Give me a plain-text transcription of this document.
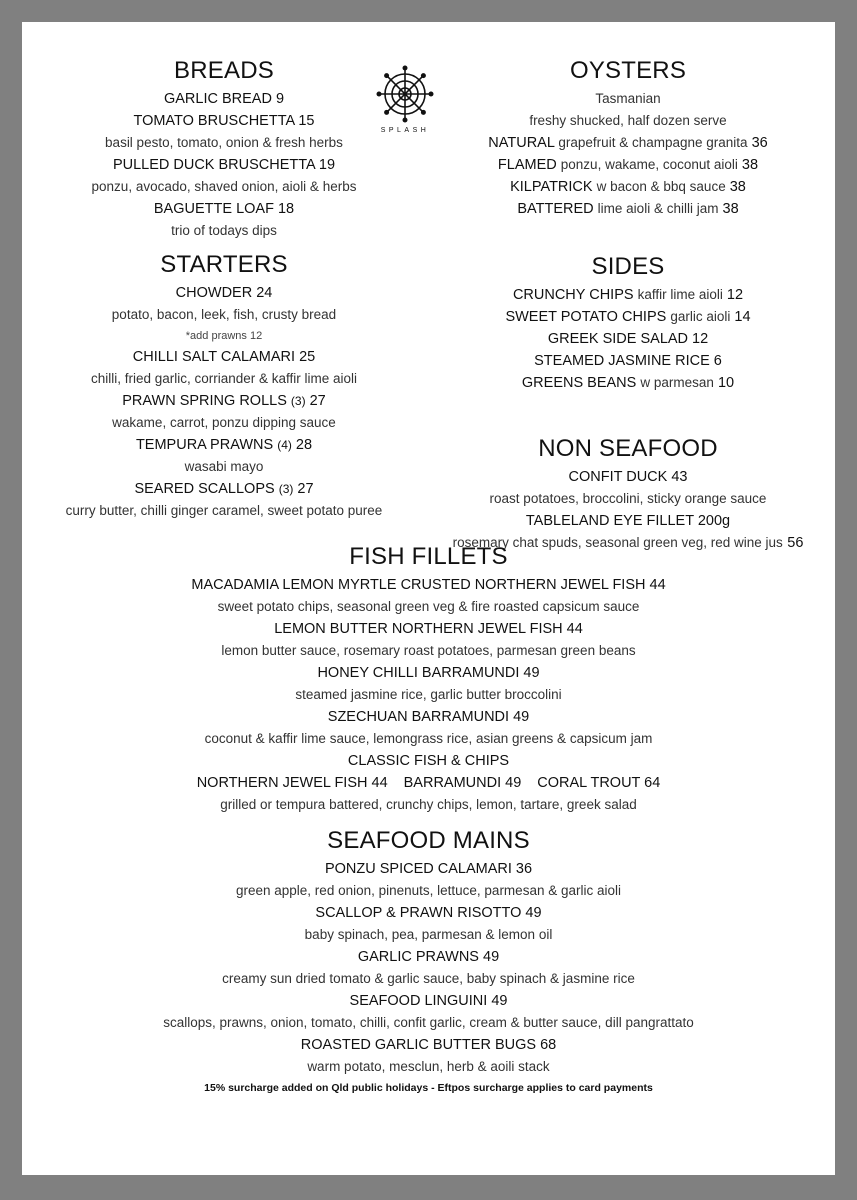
SPLASH
BREADS
GARLIC BREAD 9
TOMATO BRUSCHETTA 15
basil pesto, tomato, onion & fresh herbs
PULLED DUCK BRUSCHETTA 19
ponzu, avocado, shaved onion, aioli & herbs
BAGUETTE LOAF 18
trio of todays dips
STARTERS
CHOWDER 24
potato, bacon, leek, fish, crusty bread
*add prawns 12
CHILLI SALT CALAMARI 25
chilli, fried garlic, corriander & kaffir lime aioli
PRAWN SPRING ROLLS (3) 27
wakame, carrot, ponzu dipping sauce
TEMPURA PRAWNS (4) 28
wasabi mayo
SEARED SCALLOPS (3) 27
curry butter, chilli ginger caramel, sweet potato puree
OYSTERS
Tasmanian
freshy shucked, half dozen serve
NATURAL grapefruit & champagne granita 36
FLAMED ponzu, wakame, coconut aioli 38
KILPATRICK w bacon & bbq sauce 38
BATTERED lime aioli & chilli jam 38
SIDES
CRUNCHY CHIPS kaffir lime aioli 12
SWEET POTATO CHIPS garlic aioli 14
GREEK SIDE SALAD 12
STEAMED JASMINE RICE 6
GREENS BEANS w parmesan 10
NON SEAFOOD
CONFIT DUCK 43
roast potatoes, broccolini, sticky orange sauce
TABLELAND EYE FILLET 200g
rosemary chat spuds, seasonal green veg, red wine jus 56
FISH FILLETS
MACADAMIA LEMON MYRTLE CRUSTED NORTHERN JEWEL FISH 44
sweet potato chips, seasonal green veg & fire roasted capsicum sauce
LEMON BUTTER NORTHERN JEWEL FISH 44
lemon butter sauce, rosemary roast potatoes, parmesan green beans
HONEY CHILLI BARRAMUNDI 49
steamed jasmine rice, garlic butter broccolini
SZECHUAN BARRAMUNDI 49
coconut & kaffir lime sauce, lemongrass rice, asian greens & capsicum jam
CLASSIC FISH & CHIPS
NORTHERN JEWEL FISH 44 BARRAMUNDI 49 CORAL TROUT 64
grilled or tempura battered, crunchy chips, lemon, tartare, greek salad
SEAFOOD MAINS
PONZU SPICED CALAMARI 36
green apple, red onion, pinenuts, lettuce, parmesan & garlic aioli
SCALLOP & PRAWN RISOTTO 49
baby spinach, pea, parmesan & lemon oil
GARLIC PRAWNS 49
creamy sun dried tomato & garlic sauce, baby spinach & jasmine rice
SEAFOOD LINGUINI 49
scallops, prawns, onion, tomato, chilli, confit garlic, cream & butter sauce, dill pangrattato
ROASTED GARLIC BUTTER BUGS 68
warm potato, mesclun, herb & aoili stack
15% surcharge added on Qld public holidays - Eftpos surcharge applies to card payments
